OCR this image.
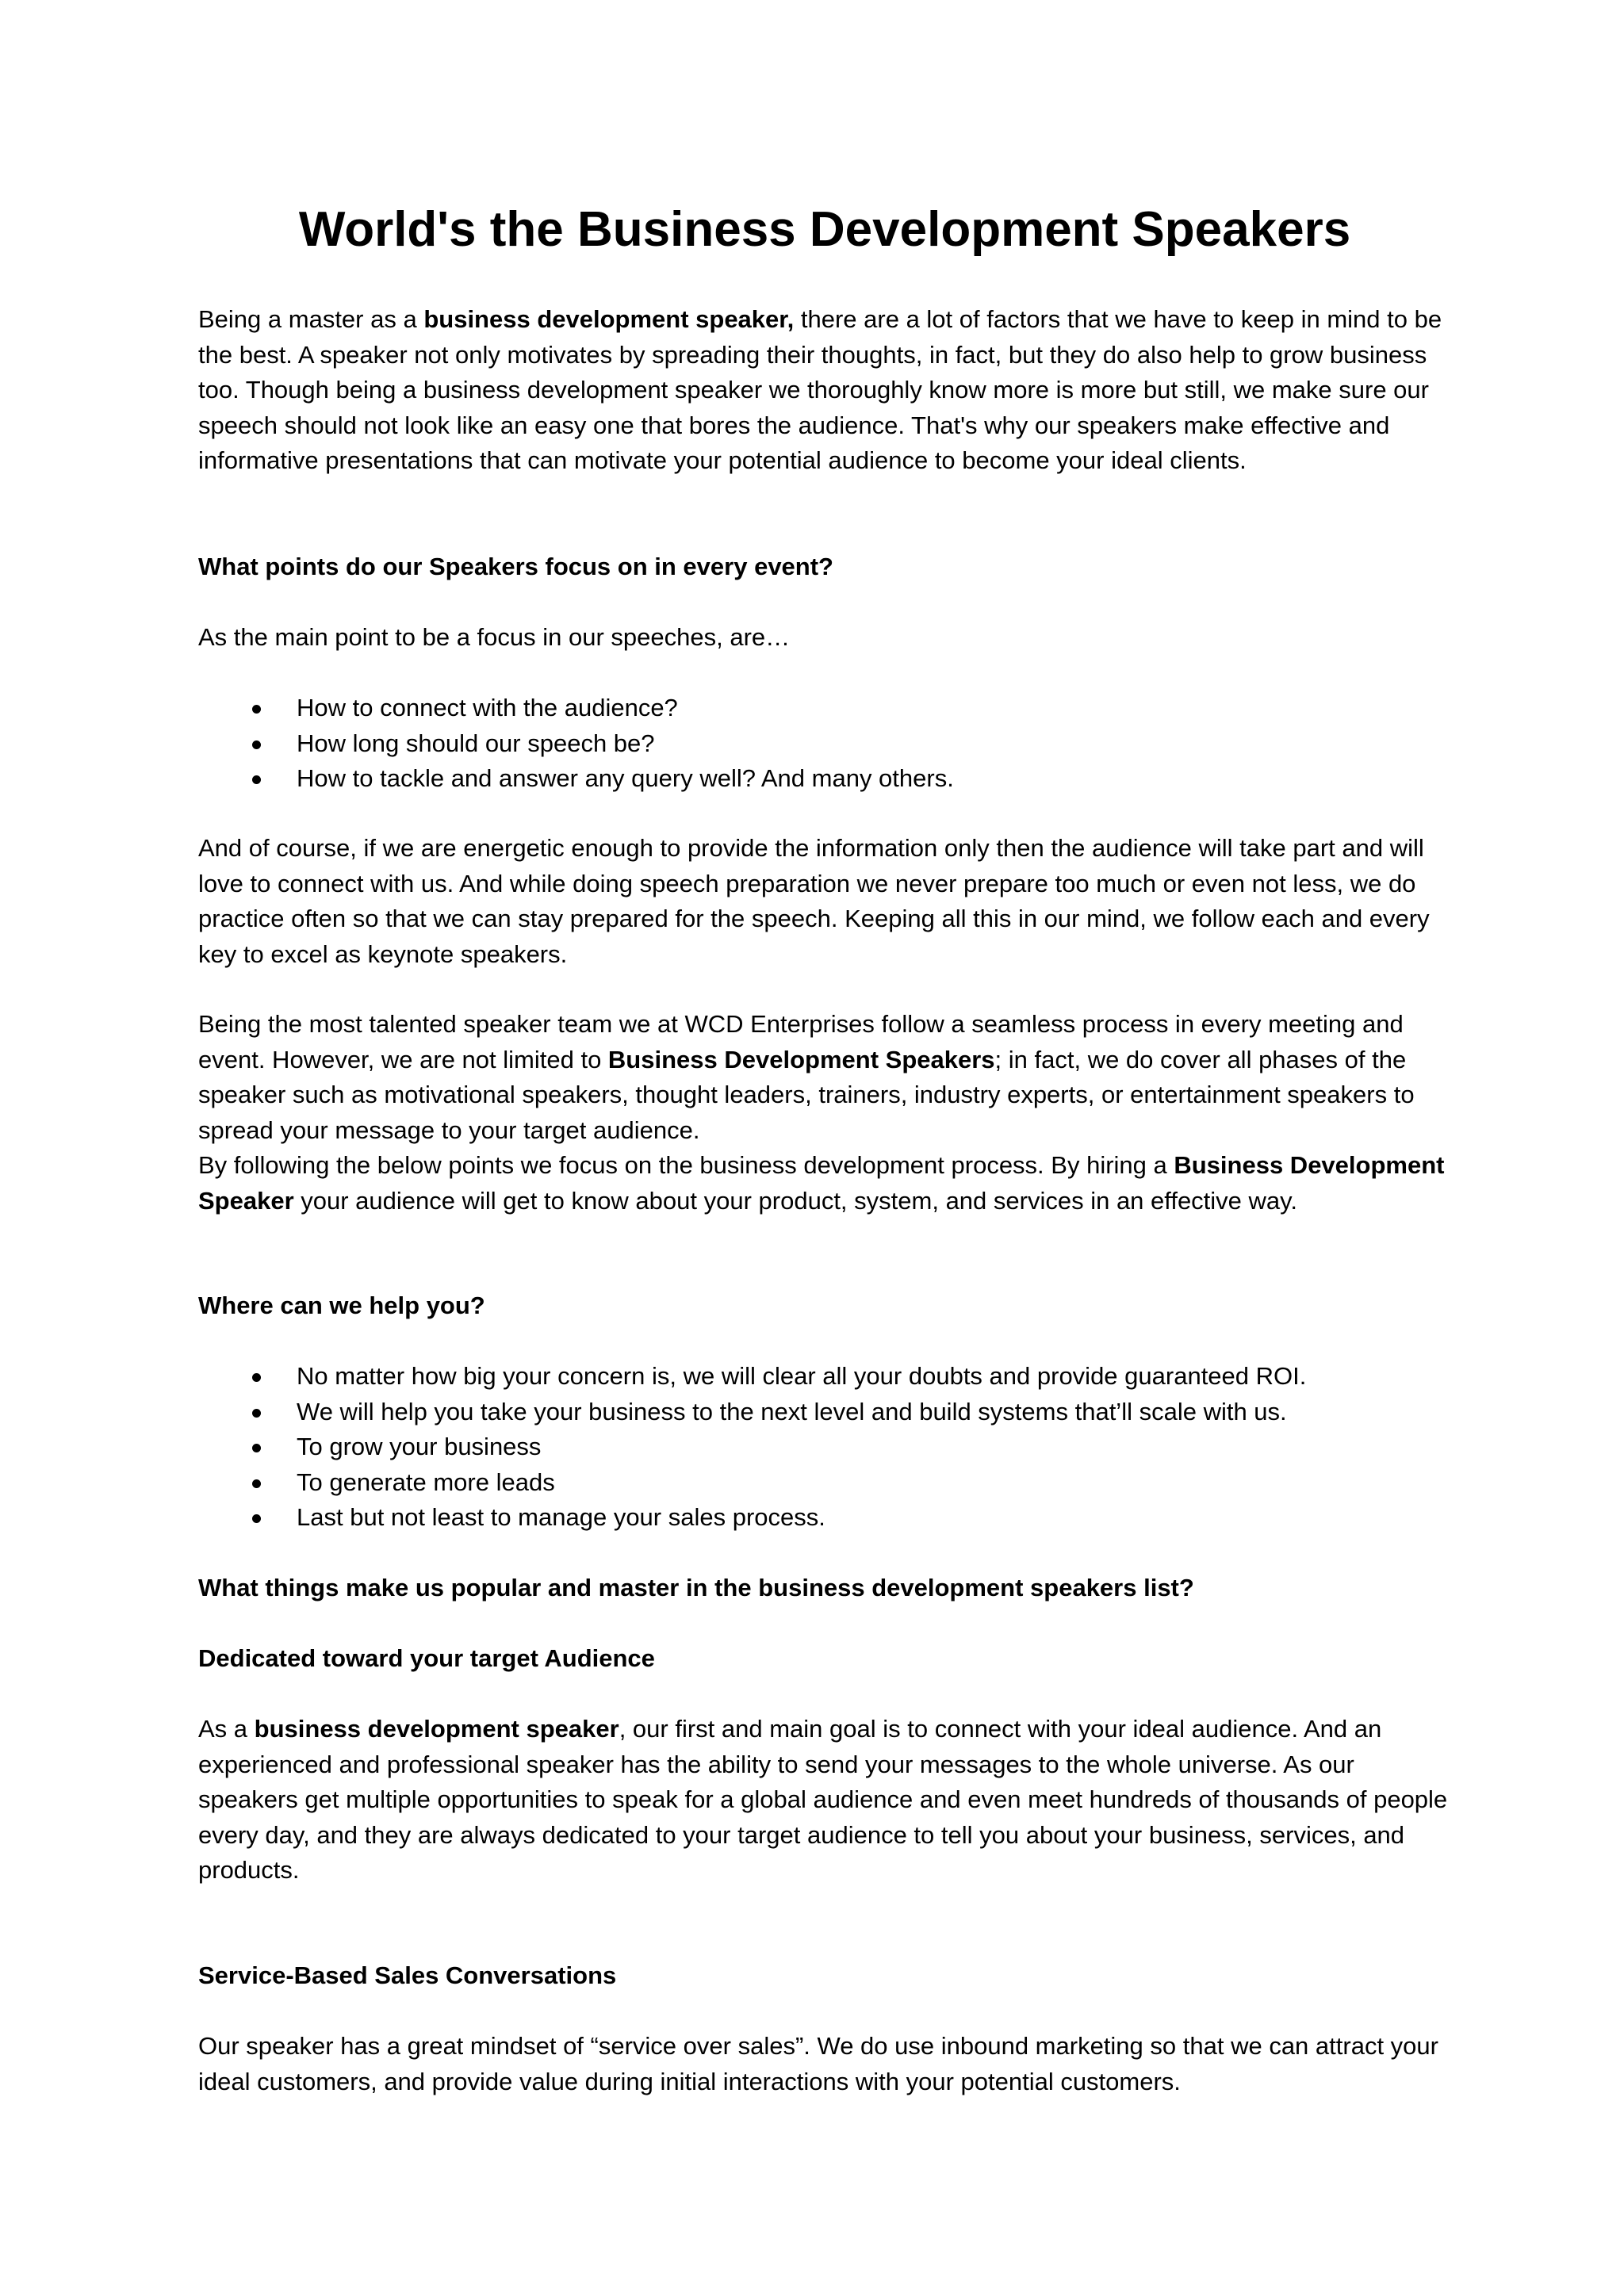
World's the Business Development Speakers

Being a master as a business development speaker, there are a lot of factors that we have to keep in mind to be the best. A speaker not only motivates by spreading their thoughts, in fact, but they do also help to grow business too. Though being a business development speaker we thoroughly know more is more but still, we make sure our speech should not look like an easy one that bores the audience. That's why our speakers make effective and informative presentations that can motivate your potential audience to become your ideal clients.

What points do our Speakers focus on in every event?

As the main point to be a focus in our speeches, are…

How to connect with the audience?
How long should our speech be?
How to tackle and answer any query well? And many others.

And of course, if we are energetic enough to provide the information only then the audience will take part and will love to connect with us. And while doing speech preparation we never prepare too much or even not less, we do practice often so that we can stay prepared for the speech. Keeping all this in our mind, we follow each and every key to excel as keynote speakers.

Being the most talented speaker team we at WCD Enterprises follow a seamless process in every meeting and event. However, we are not limited to Business Development Speakers; in fact, we do cover all phases of the speaker such as motivational speakers, thought leaders, trainers, industry experts, or entertainment speakers to spread your message to your target audience.

By following the below points we focus on the business development process. By hiring a Business Development Speaker your audience will get to know about your product, system, and services in an effective way.

Where can we help you?

No matter how big your concern is, we will clear all your doubts and provide guaranteed ROI.
We will help you take your business to the next level and build systems that’ll scale with us.
To grow your business
To generate more leads
Last but not least to manage your sales process.

What things make us popular and master in the business development speakers list?

Dedicated toward your target Audience

As a business development speaker, our first and main goal is to connect with your ideal audience. And an experienced and professional speaker has the ability to send your messages to the whole universe. As our speakers get multiple opportunities to speak for a global audience and even meet hundreds of thousands of people every day, and they are always dedicated to your target audience to tell you about your business, services, and products.

Service-Based Sales Conversations

Our speaker has a great mindset of “service over sales”. We do use inbound marketing so that we can attract your ideal customers, and provide value during initial interactions with your potential customers.
